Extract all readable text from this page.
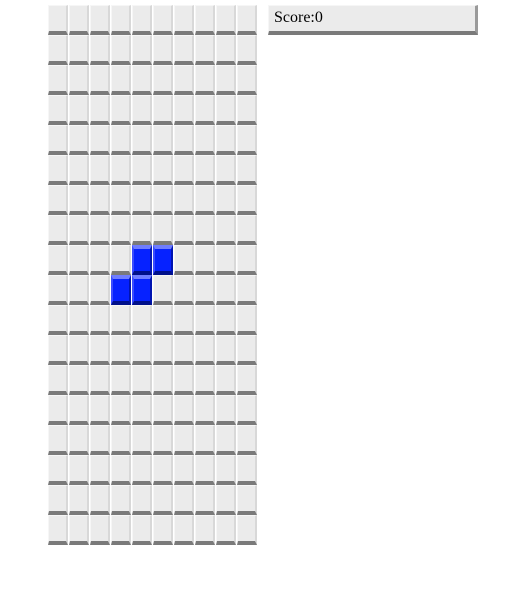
Score:0
